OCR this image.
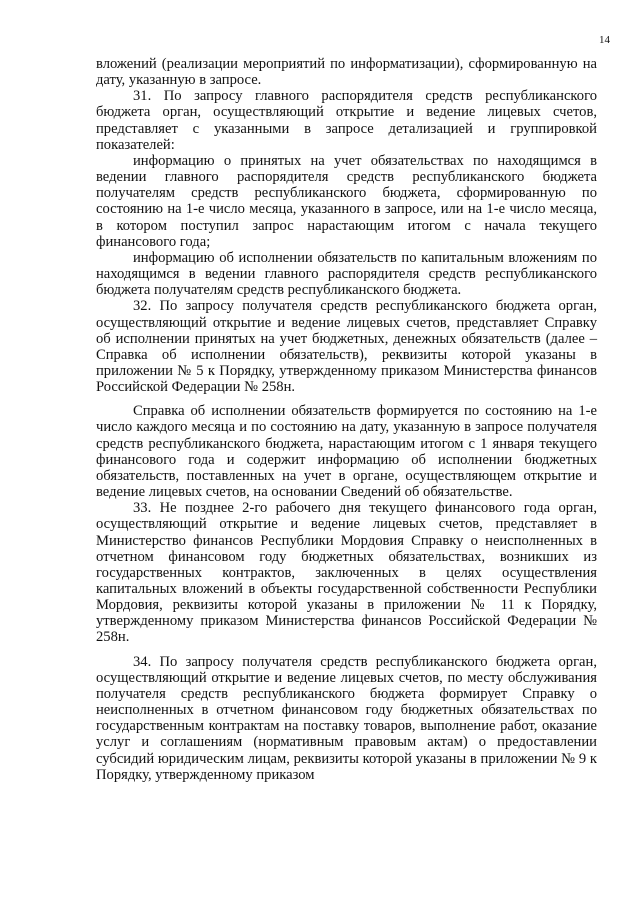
14

вложений (реализации мероприятий по информатизации), сформированную на дату, указанную в запросе.

31. По запросу главного распорядителя средств республиканского бюджета орган, осуществляющий открытие и ведение лицевых счетов, представляет с указанными в запросе детализацией и группировкой показателей:

информацию о принятых на учет обязательствах по находящимся в ведении главного распорядителя средств республиканского бюджета получателям средств республиканского бюджета, сформированную по состоянию на 1-е число месяца, указанного в запросе, или на 1-е число месяца, в котором поступил запрос нарастающим итогом с начала текущего финансового года;

информацию об исполнении обязательств по капитальным вложениям по находящимся в ведении главного распорядителя средств республиканского бюджета получателям средств республиканского бюджета.

32. По запросу получателя средств республиканского бюджета орган, осуществляющий открытие и ведение лицевых счетов, представляет Справку об исполнении принятых на учет бюджетных, денежных обязательств (далее – Справка об исполнении обязательств), реквизиты которой указаны в приложении № 5 к Порядку, утвержденному приказом Министерства финансов Российской Федерации № 258н.

Справка об исполнении обязательств формируется по состоянию на 1-е число каждого месяца и по состоянию на дату, указанную в запросе получателя средств республиканского бюджета, нарастающим итогом с 1 января текущего финансового года и содержит информацию об исполнении бюджетных обязательств, поставленных на учет в органе, осуществляющем открытие и ведение лицевых счетов, на основании Сведений об обязательстве.

33. Не позднее 2-го рабочего дня текущего финансового года орган, осуществляющий открытие и ведение лицевых счетов, представляет в Министерство финансов Республики Мордовия Справку о неисполненных в отчетном финансовом году бюджетных обязательствах, возникших из государственных контрактов, заключенных в целях осуществления капитальных вложений в объекты государственной собственности Республики Мордовия, реквизиты которой указаны в приложении № 11 к Порядку, утвержденному приказом Министерства финансов Российской Федерации № 258н.

34. По запросу получателя средств республиканского бюджета орган, осуществляющий открытие и ведение лицевых счетов, по месту обслуживания получателя средств республиканского бюджета формирует Справку о неисполненных в отчетном финансовом году бюджетных обязательствах по государственным контрактам на поставку товаров, выполнение работ, оказание услуг и соглашениям (нормативным правовым актам) о предоставлении субсидий юридическим лицам, реквизиты которой указаны в приложении № 9 к Порядку, утвержденному приказом
